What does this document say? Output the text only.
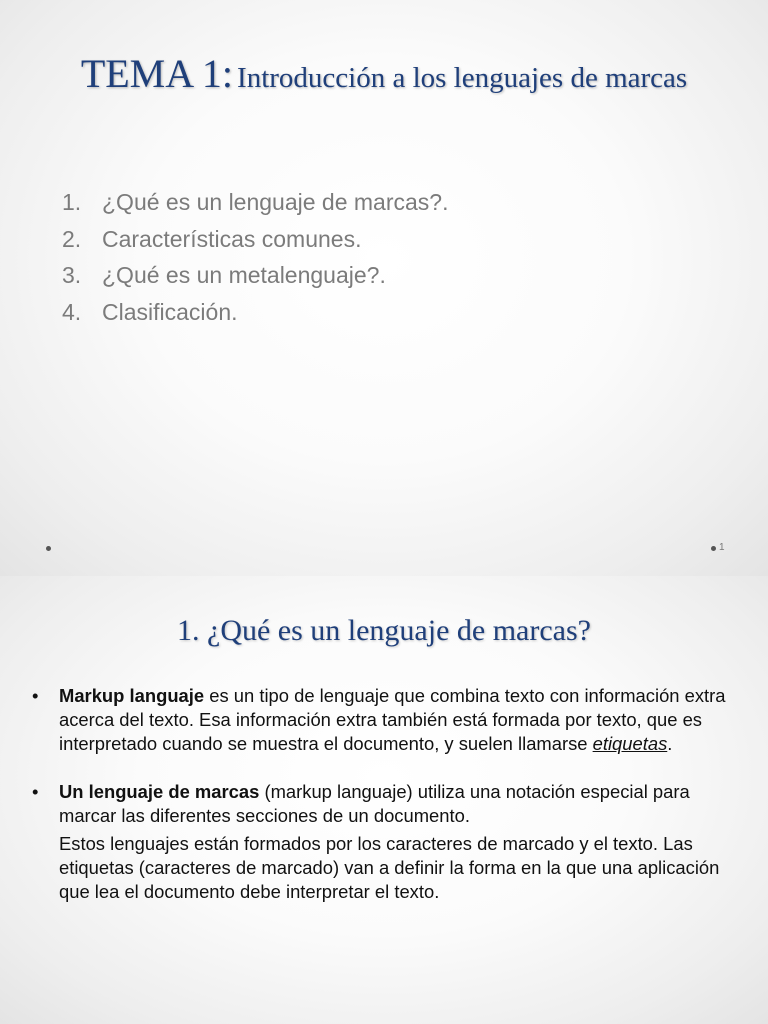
TEMA 1: Introducción a los lenguajes de marcas
1. ¿Qué es un lenguaje de marcas?.
2. Características comunes.
3. ¿Qué es un metalenguaje?.
4. Clasificación.
1
1. ¿Qué es un lenguaje de marcas?
• Markup languaje es un tipo de lenguaje que combina texto con información extra acerca del texto. Esa información extra también está formada por texto, que es interpretado cuando se muestra el documento, y suelen llamarse etiquetas.
• Un lenguaje de marcas (markup languaje) utiliza una notación especial para marcar las diferentes secciones de un documento.
Estos lenguajes están formados por los caracteres de marcado y el texto. Las etiquetas (caracteres de marcado) van a definir la forma en la que una aplicación que lea el documento debe interpretar el texto.
